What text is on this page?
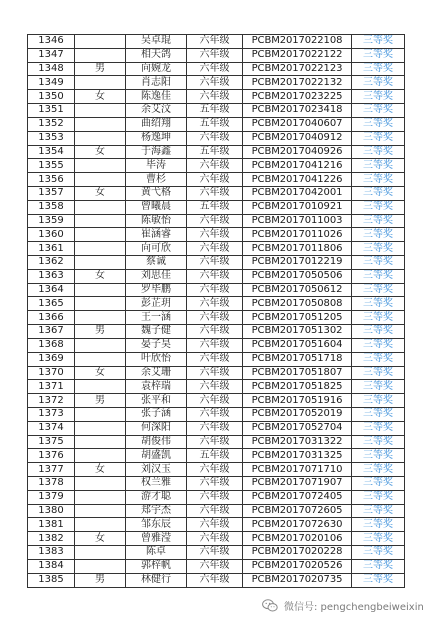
1346		吴卓琨	六年级	PCBM2017022108	三等奖
1347		相天鸽	六年级	PCBM2017022122	三等奖
1348	男	向婉龙	六年级	PCBM2017022123	三等奖
1349		肖志阳	六年级	PCBM2017022132	三等奖
1350	女	陈逸佳	六年级	PCBM2017023225	三等奖
1351		余艾汶	五年级	PCBM2017023418	三等奖
1352		曲绍翔	五年级	PCBM2017040607	三等奖
1353		杨逸坤	六年级	PCBM2017040912	三等奖
1354	女	于海鑫	五年级	PCBM2017040926	三等奖
1355		毕涛	六年级	PCBM2017041216	三等奖
1356		曹杉	六年级	PCBM2017041226	三等奖
1357	女	黄弋格	六年级	PCBM2017042001	三等奖
1358		曾曦晨	五年级	PCBM2017010921	三等奖
1359		陈敏怡	六年级	PCBM2017011003	三等奖
1360		崔涵睿	六年级	PCBM2017011026	三等奖
1361		向可欣	六年级	PCBM2017011806	三等奖
1362		蔡诚	六年级	PCBM2017012219	三等奖
1363	女	刘思佳	六年级	PCBM2017050506	三等奖
1364		罗毕鹏	六年级	PCBM2017050612	三等奖
1365		彭芷玥	六年级	PCBM2017050808	三等奖
1366		王一涵	六年级	PCBM2017051205	三等奖
1367	男	魏子健	六年级	PCBM2017051302	三等奖
1368		晏子昊	六年级	PCBM2017051604	三等奖
1369		叶欣怡	六年级	PCBM2017051718	三等奖
1370	女	余艾珊	六年级	PCBM2017051807	三等奖
1371		袁梓瑞	六年级	PCBM2017051825	三等奖
1372	男	张平和	六年级	PCBM2017051916	三等奖
1373		张子涵	六年级	PCBM2017052019	三等奖
1374		何深阳	六年级	PCBM2017052704	三等奖
1375		胡俊伟	六年级	PCBM2017031322	三等奖
1376		胡盛凯	五年级	PCBM2017031325	三等奖
1377	女	刘汉玉	六年级	PCBM2017071710	三等奖
1378		权兰雅	六年级	PCBM2017071907	三等奖
1379		游才聪	六年级	PCBM2017072405	三等奖
1380		郑宇杰	六年级	PCBM2017072605	三等奖
1381		邹东辰	六年级	PCBM2017072630	三等奖
1382	女	曾雅滢	六年级	PCBM2017020106	三等奖
1383		陈卓	六年级	PCBM2017020228	三等奖
1384		郭梓帆	六年级	PCBM2017020526	三等奖
1385	男	林健行	六年级	PCBM2017020735	三等奖
微信号: pengchengbeiweixin
